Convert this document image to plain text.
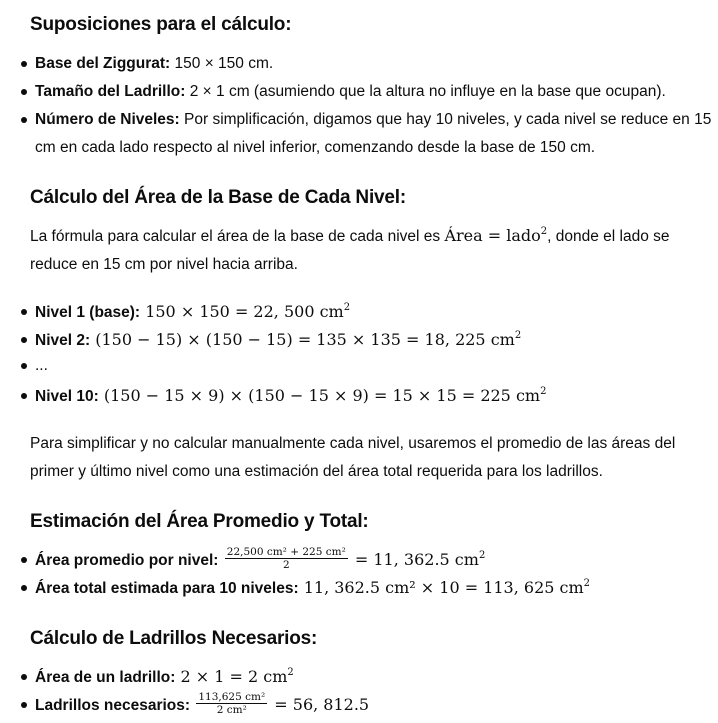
Suposiciones para el cálculo:
Base del Ziggurat: 150 × 150 cm.
Tamaño del Ladrillo: 2 × 1 cm (asumiendo que la altura no influye en la base que ocupan).
Número de Niveles: Por simplificación, digamos que hay 10 niveles, y cada nivel se reduce en 15 cm en cada lado respecto al nivel inferior, comenzando desde la base de 150 cm.
Cálculo del Área de la Base de Cada Nivel:

La fórmula para calcular el área de la base de cada nivel es Área = lado$^2$, donde el lado se reduce en 15 cm por nivel hacia arriba.

Nivel 1 (base): 150 × 150 = 22, 500 $cm^2$
Nivel 2: (150 − 15) × (150 − 15) = 135 × 135 = 18, 225 $cm^2$
...
Nivel 10: (150 − 15 × 9) × (150 − 15 × 9) = 15 × 15 = 225 $cm^2$

Para simplificar y no calcular manualmente cada nivel, usaremos el promedio de las áreas del primer y último nivel como una estimación del área total requerida para los ladrillos.

Estimación del Área Promedio y Total:
Área promedio por nivel: $\frac{\text{22,500 cm² + 225 cm²}}{2} = 11$, 362.5 $cm^2$
Área total estimada para 10 niveles: 11, 362.5 cm² × 10 = 113, 625 $cm^2$
Cálculo de Ladrillos Necesarios:
Área de un ladrillo: 2 × 1 = 2 $cm^2$
Ladrillos necesarios: $\frac{\text{113,625 cm²}}{\text{2 cm²}} = 56$, 812.5
